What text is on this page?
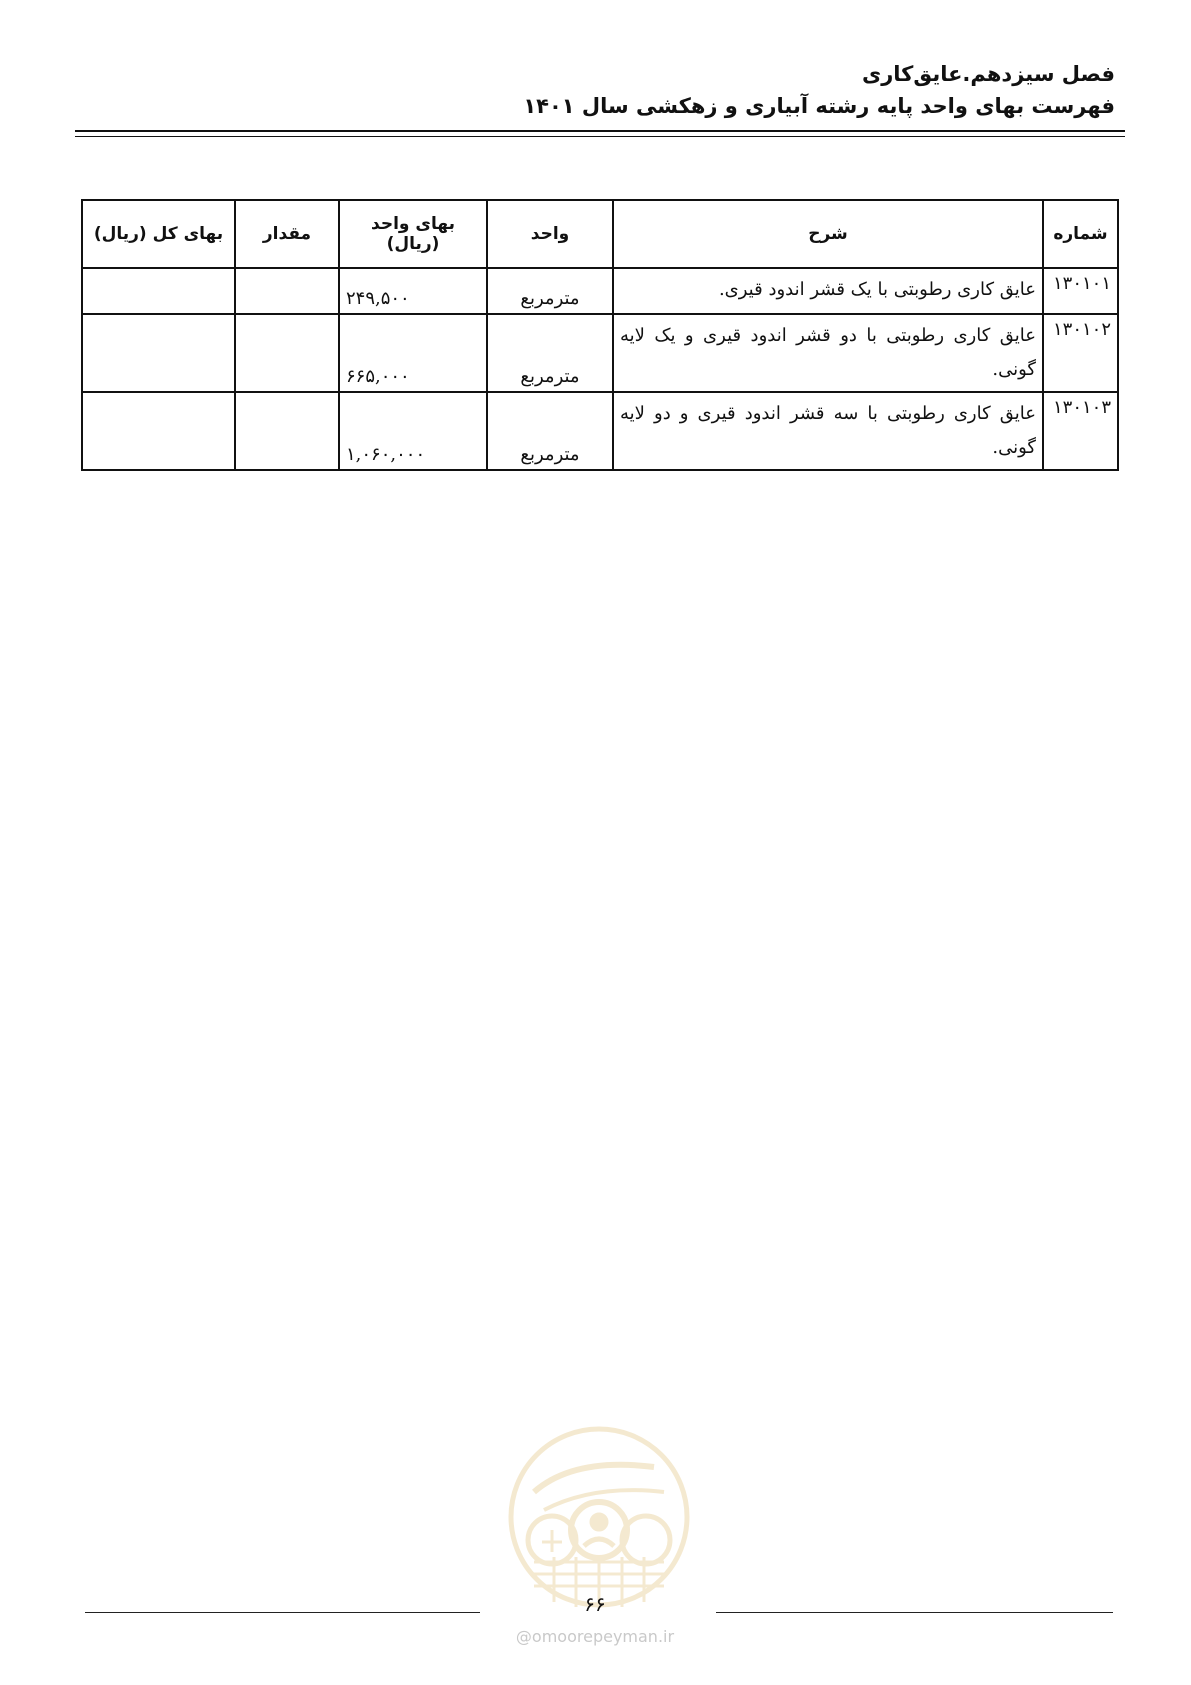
فصل سیزدهم.عایق‌کاری
فهرست بهای واحد پایه رشته آبیاری و زهکشی سال ۱۴۰۱
شماره	شرح	واحد	بهای واحد (ریال)	مقدار	بهای کل (ریال)
۱۳۰۱۰۱	عایق کاری رطوبتی با یک قشر اندود قیری.	مترمربع	۲۴۹,۵۰۰		
۱۳۰۱۰۲	عایق کاری رطوبتی با دو قشر اندود قیری و یک لایه گونی.	مترمربع	۶۶۵,۰۰۰		
۱۳۰۱۰۳	عایق کاری رطوبتی با سه قشر اندود قیری و دو لایه گونی.	مترمربع	۱,۰۶۰,۰۰۰		
۶۶
@omoorepeyman.ir
